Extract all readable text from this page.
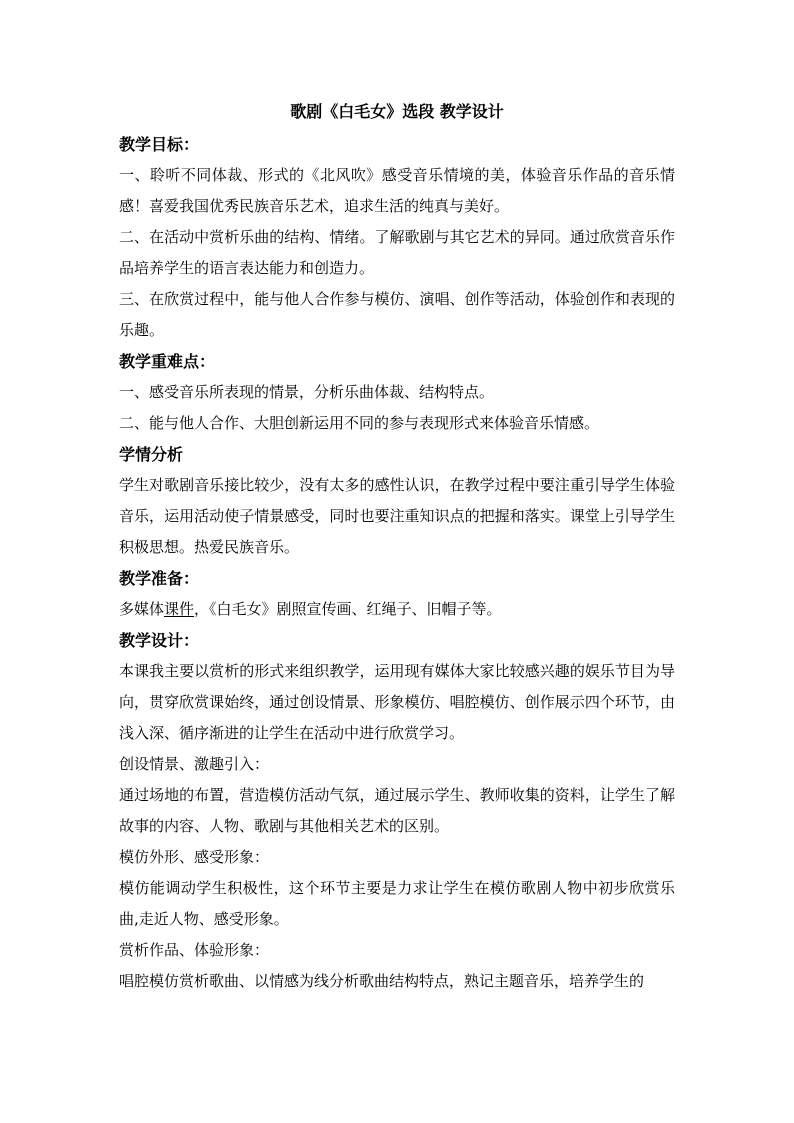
歌剧《白毛女》选段 教学设计
教学目标：

一、聆听不同体裁、形式的《北风吹》感受音乐情境的美，体验音乐作品的音乐情感！喜爱我国优秀民族音乐艺术，追求生活的纯真与美好。

二、在活动中赏析乐曲的结构、情绪。了解歌剧与其它艺术的异同。通过欣赏音乐作品培养学生的语言表达能力和创造力。

三、在欣赏过程中，能与他人合作参与模仿、演唱、创作等活动，体验创作和表现的乐趣。

教学重难点：

一、感受音乐所表现的情景，分析乐曲体裁、结构特点。

二、能与他人合作、大胆创新运用不同的参与表现形式来体验音乐情感。

学情分析

学生对歌剧音乐接比较少，没有太多的感性认识，在教学过程中要注重引导学生体验音乐，运用活动使子情景感受，同时也要注重知识点的把握和落实。课堂上引导学生积极思想。热爱民族音乐。

教学准备：

多媒体课件，《白毛女》剧照宣传画、红绳子、旧帽子等。

教学设计：

本课我主要以赏析的形式来组织教学，运用现有媒体大家比较感兴趣的娱乐节目为导向，贯穿欣赏课始终，通过创设情景、形象模仿、唱腔模仿、创作展示四个环节，由浅入深、循序渐进的让学生在活动中进行欣赏学习。

创设情景、激趣引入：

通过场地的布置，营造模仿活动气氛，通过展示学生、教师收集的资料，让学生了解故事的内容、人物、歌剧与其他相关艺术的区别。

模仿外形、感受形象：

模仿能调动学生积极性，这个环节主要是力求让学生在模仿歌剧人物中初步欣赏乐曲,走近人物、感受形象。

赏析作品、体验形象：

唱腔模仿赏析歌曲、以情感为线分析歌曲结构特点，熟记主题音乐，培养学生的
